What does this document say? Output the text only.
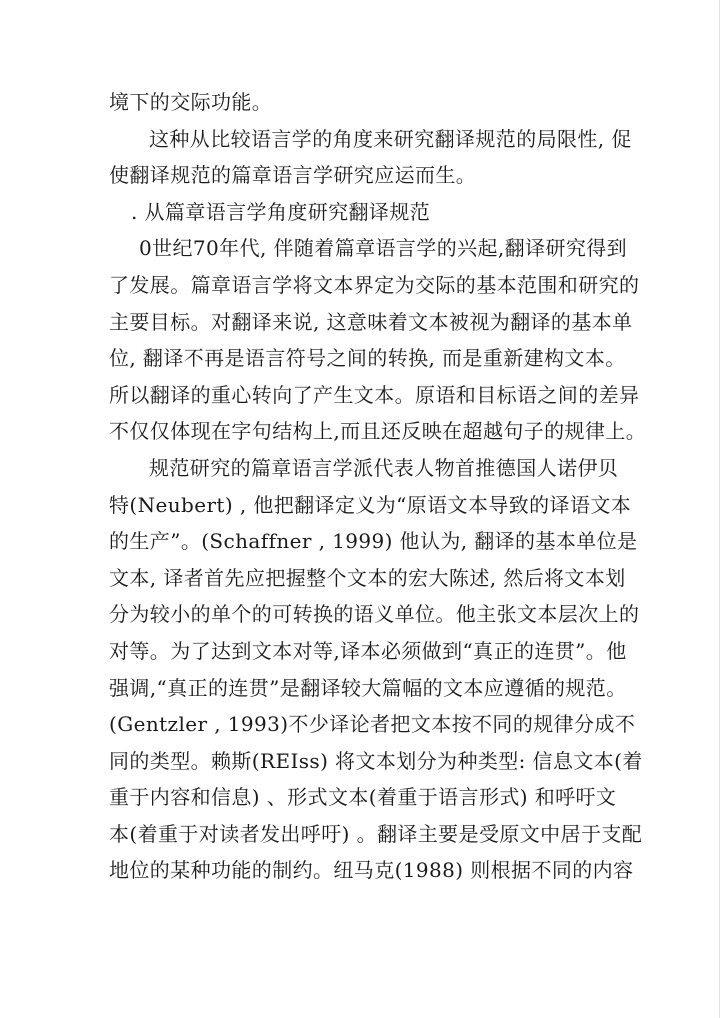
境下的交际功能。
这种从比较语言学的角度来研究翻译规范的局限性, 促
使翻译规范的篇章语言学研究应运而生。
. 从篇章语言学角度研究翻译规范
0世纪70年代, 伴随着篇章语言学的兴起,翻译研究得到
了发展。篇章语言学将文本界定为交际的基本范围和研究的
主要目标。对翻译来说, 这意味着文本被视为翻译的基本单
位, 翻译不再是语言符号之间的转换, 而是重新建构文本。
所以翻译的重心转向了产生文本。原语和目标语之间的差异
不仅仅体现在字句结构上,而且还反映在超越句子的规律上。
规范研究的篇章语言学派代表人物首推德国人诺伊贝
特(Neubert) , 他把翻译定义为“原语文本导致的译语文本
的生产”。(Schaffner , 1999) 他认为, 翻译的基本单位是
文本, 译者首先应把握整个文本的宏大陈述, 然后将文本划
分为较小的单个的可转换的语义单位。他主张文本层次上的
对等。为了达到文本对等,译本必须做到“真正的连贯”。他
强调,“真正的连贯”是翻译较大篇幅的文本应遵循的规范。
(Gentzler , 1993)不少译论者把文本按不同的规律分成不
同的类型。赖斯(REIss) 将文本划分为种类型: 信息文本(着
重于内容和信息) 、形式文本(着重于语言形式) 和呼吁文
本(着重于对读者发出呼吁) 。翻译主要是受原文中居于支配
地位的某种功能的制约。纽马克(1988) 则根据不同的内容
